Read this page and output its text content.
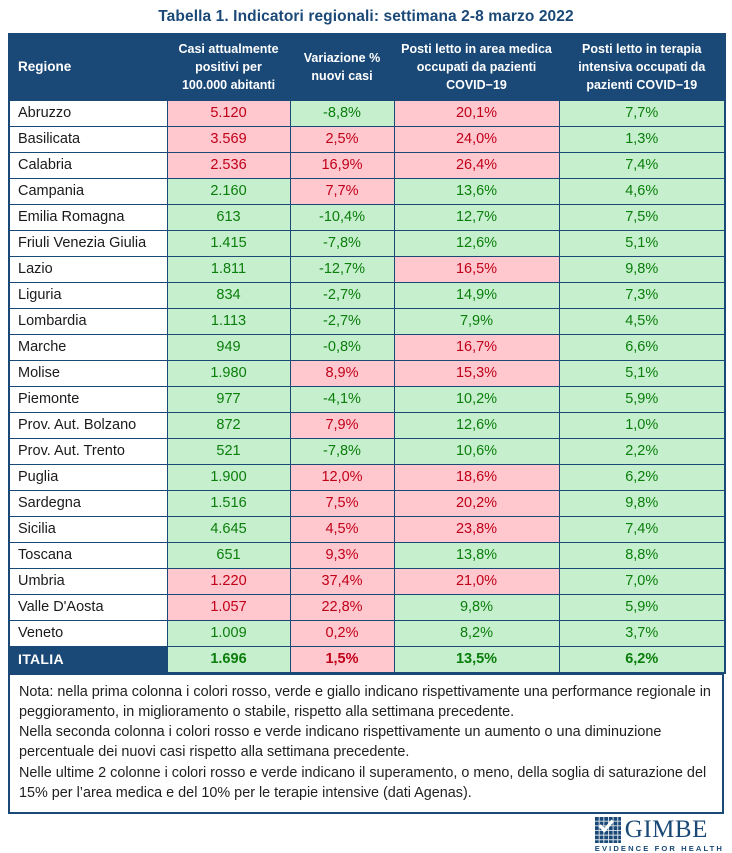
Tabella 1. Indicatori regionali: settimana 2-8 marzo 2022
Regione	Casi attualmente positivi per 100.000 abitanti	Variazione % nuovi casi	Posti letto in area medica occupati da pazienti COVID−19	Posti letto in terapia intensiva occupati da pazienti COVID−19
Abruzzo	5.120	-8,8%	20,1%	7,7%
Basilicata	3.569	2,5%	24,0%	1,3%
Calabria	2.536	16,9%	26,4%	7,4%
Campania	2.160	7,7%	13,6%	4,6%
Emilia Romagna	613	-10,4%	12,7%	7,5%
Friuli Venezia Giulia	1.415	-7,8%	12,6%	5,1%
Lazio	1.811	-12,7%	16,5%	9,8%
Liguria	834	-2,7%	14,9%	7,3%
Lombardia	1.113	-2,7%	7,9%	4,5%
Marche	949	-0,8%	16,7%	6,6%
Molise	1.980	8,9%	15,3%	5,1%
Piemonte	977	-4,1%	10,2%	5,9%
Prov. Aut. Bolzano	872	7,9%	12,6%	1,0%
Prov. Aut. Trento	521	-7,8%	10,6%	2,2%
Puglia	1.900	12,0%	18,6%	6,2%
Sardegna	1.516	7,5%	20,2%	9,8%
Sicilia	4.645	4,5%	23,8%	7,4%
Toscana	651	9,3%	13,8%	8,8%
Umbria	1.220	37,4%	21,0%	7,0%
Valle D'Aosta	1.057	22,8%	9,8%	5,9%
Veneto	1.009	0,2%	8,2%	3,7%
ITALIA	1.696	1,5%	13,5%	6,2%

Nota: nella prima colonna i colori rosso, verde e giallo indicano rispettivamente una performance regionale in peggioramento, in miglioramento o stabile, rispetto alla settimana precedente.

Nella seconda colonna i colori rosso e verde indicano rispettivamente un aumento o una diminuzione percentuale dei nuovi casi rispetto alla settimana precedente.

Nelle ultime 2 colonne i colori rosso e verde indicano il superamento, o meno, della soglia di saturazione del 15% per l’area medica e del 10% per le terapie intensive (dati Agenas).

GIMBE
EVIDENCE FOR HEALTH
